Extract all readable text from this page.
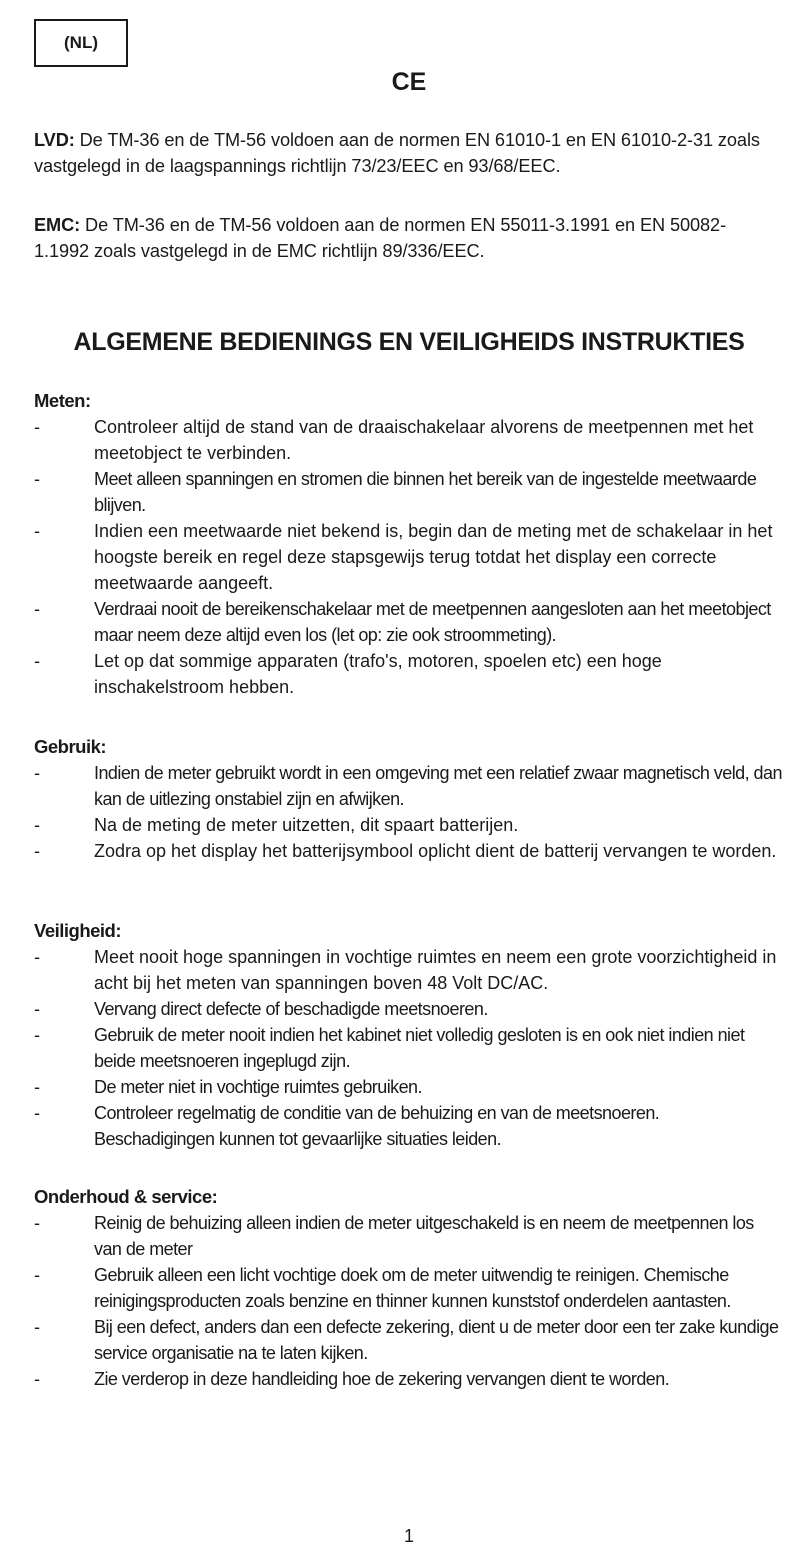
(NL)
CE
LVD: De TM-36 en de TM-56 voldoen aan de normen EN 61010-1 en EN 61010-2-31 zoals vastgelegd in de laagspannings richtlijn 73/23/EEC en 93/68/EEC.
EMC: De TM-36 en de TM-56 voldoen aan de normen EN 55011-3.1991 en EN 50082-1.1992 zoals vastgelegd in de EMC richtlijn 89/336/EEC.
ALGEMENE BEDIENINGS EN VEILIGHEIDS INSTRUKTIES
Meten:
-	Controleer altijd de stand van de draaischakelaar alvorens de meetpennen met het meetobject te verbinden.
-	Meet alleen spanningen en stromen die binnen het bereik van de ingestelde meetwaarde blijven.
-	Indien een meetwaarde niet bekend is, begin dan de meting met de schakelaar in het hoogste bereik en regel deze stapsgewijs terug totdat het display een correcte meetwaarde aangeeft.
-	Verdraai nooit de bereikenschakelaar met de meetpennen aangesloten aan het meetobject maar neem deze altijd even los (let op: zie ook stroommeting).
-	Let op dat sommige apparaten (trafo's, motoren, spoelen etc) een hoge inschakelstroom hebben.
Gebruik:
-	Indien de meter gebruikt wordt in een omgeving met een relatief zwaar magnetisch veld, dan kan de uitlezing onstabiel zijn en afwijken.
-	Na de meting de meter uitzetten, dit spaart batterijen.
-	Zodra op het display het batterijsymbool oplicht dient de batterij vervangen te worden.
Veiligheid:
-	Meet nooit hoge spanningen in vochtige ruimtes en neem een grote voorzichtigheid in acht bij het meten van spanningen boven 48 Volt DC/AC.
-	Vervang direct defecte of beschadigde meetsnoeren.
-	Gebruik de meter nooit indien het kabinet niet volledig gesloten is en ook niet indien niet beide meetsnoeren ingeplugd zijn.
-	De meter niet in vochtige ruimtes gebruiken.
-	Controleer regelmatig de conditie van de behuizing en van de meetsnoeren. Beschadigingen kunnen tot gevaarlijke situaties leiden.
Onderhoud & service:
-	Reinig de behuizing alleen indien de meter uitgeschakeld is en neem de meetpennen los van de meter
-	Gebruik alleen een licht vochtige doek om de meter uitwendig te reinigen. Chemische reinigingsproducten zoals benzine en thinner kunnen kunststof onderdelen aantasten.
-	Bij een defect, anders dan een defecte zekering, dient u de meter door een ter zake kundige service organisatie na te laten kijken.
-	Zie verderop in deze handleiding hoe de zekering vervangen dient te worden.
1
